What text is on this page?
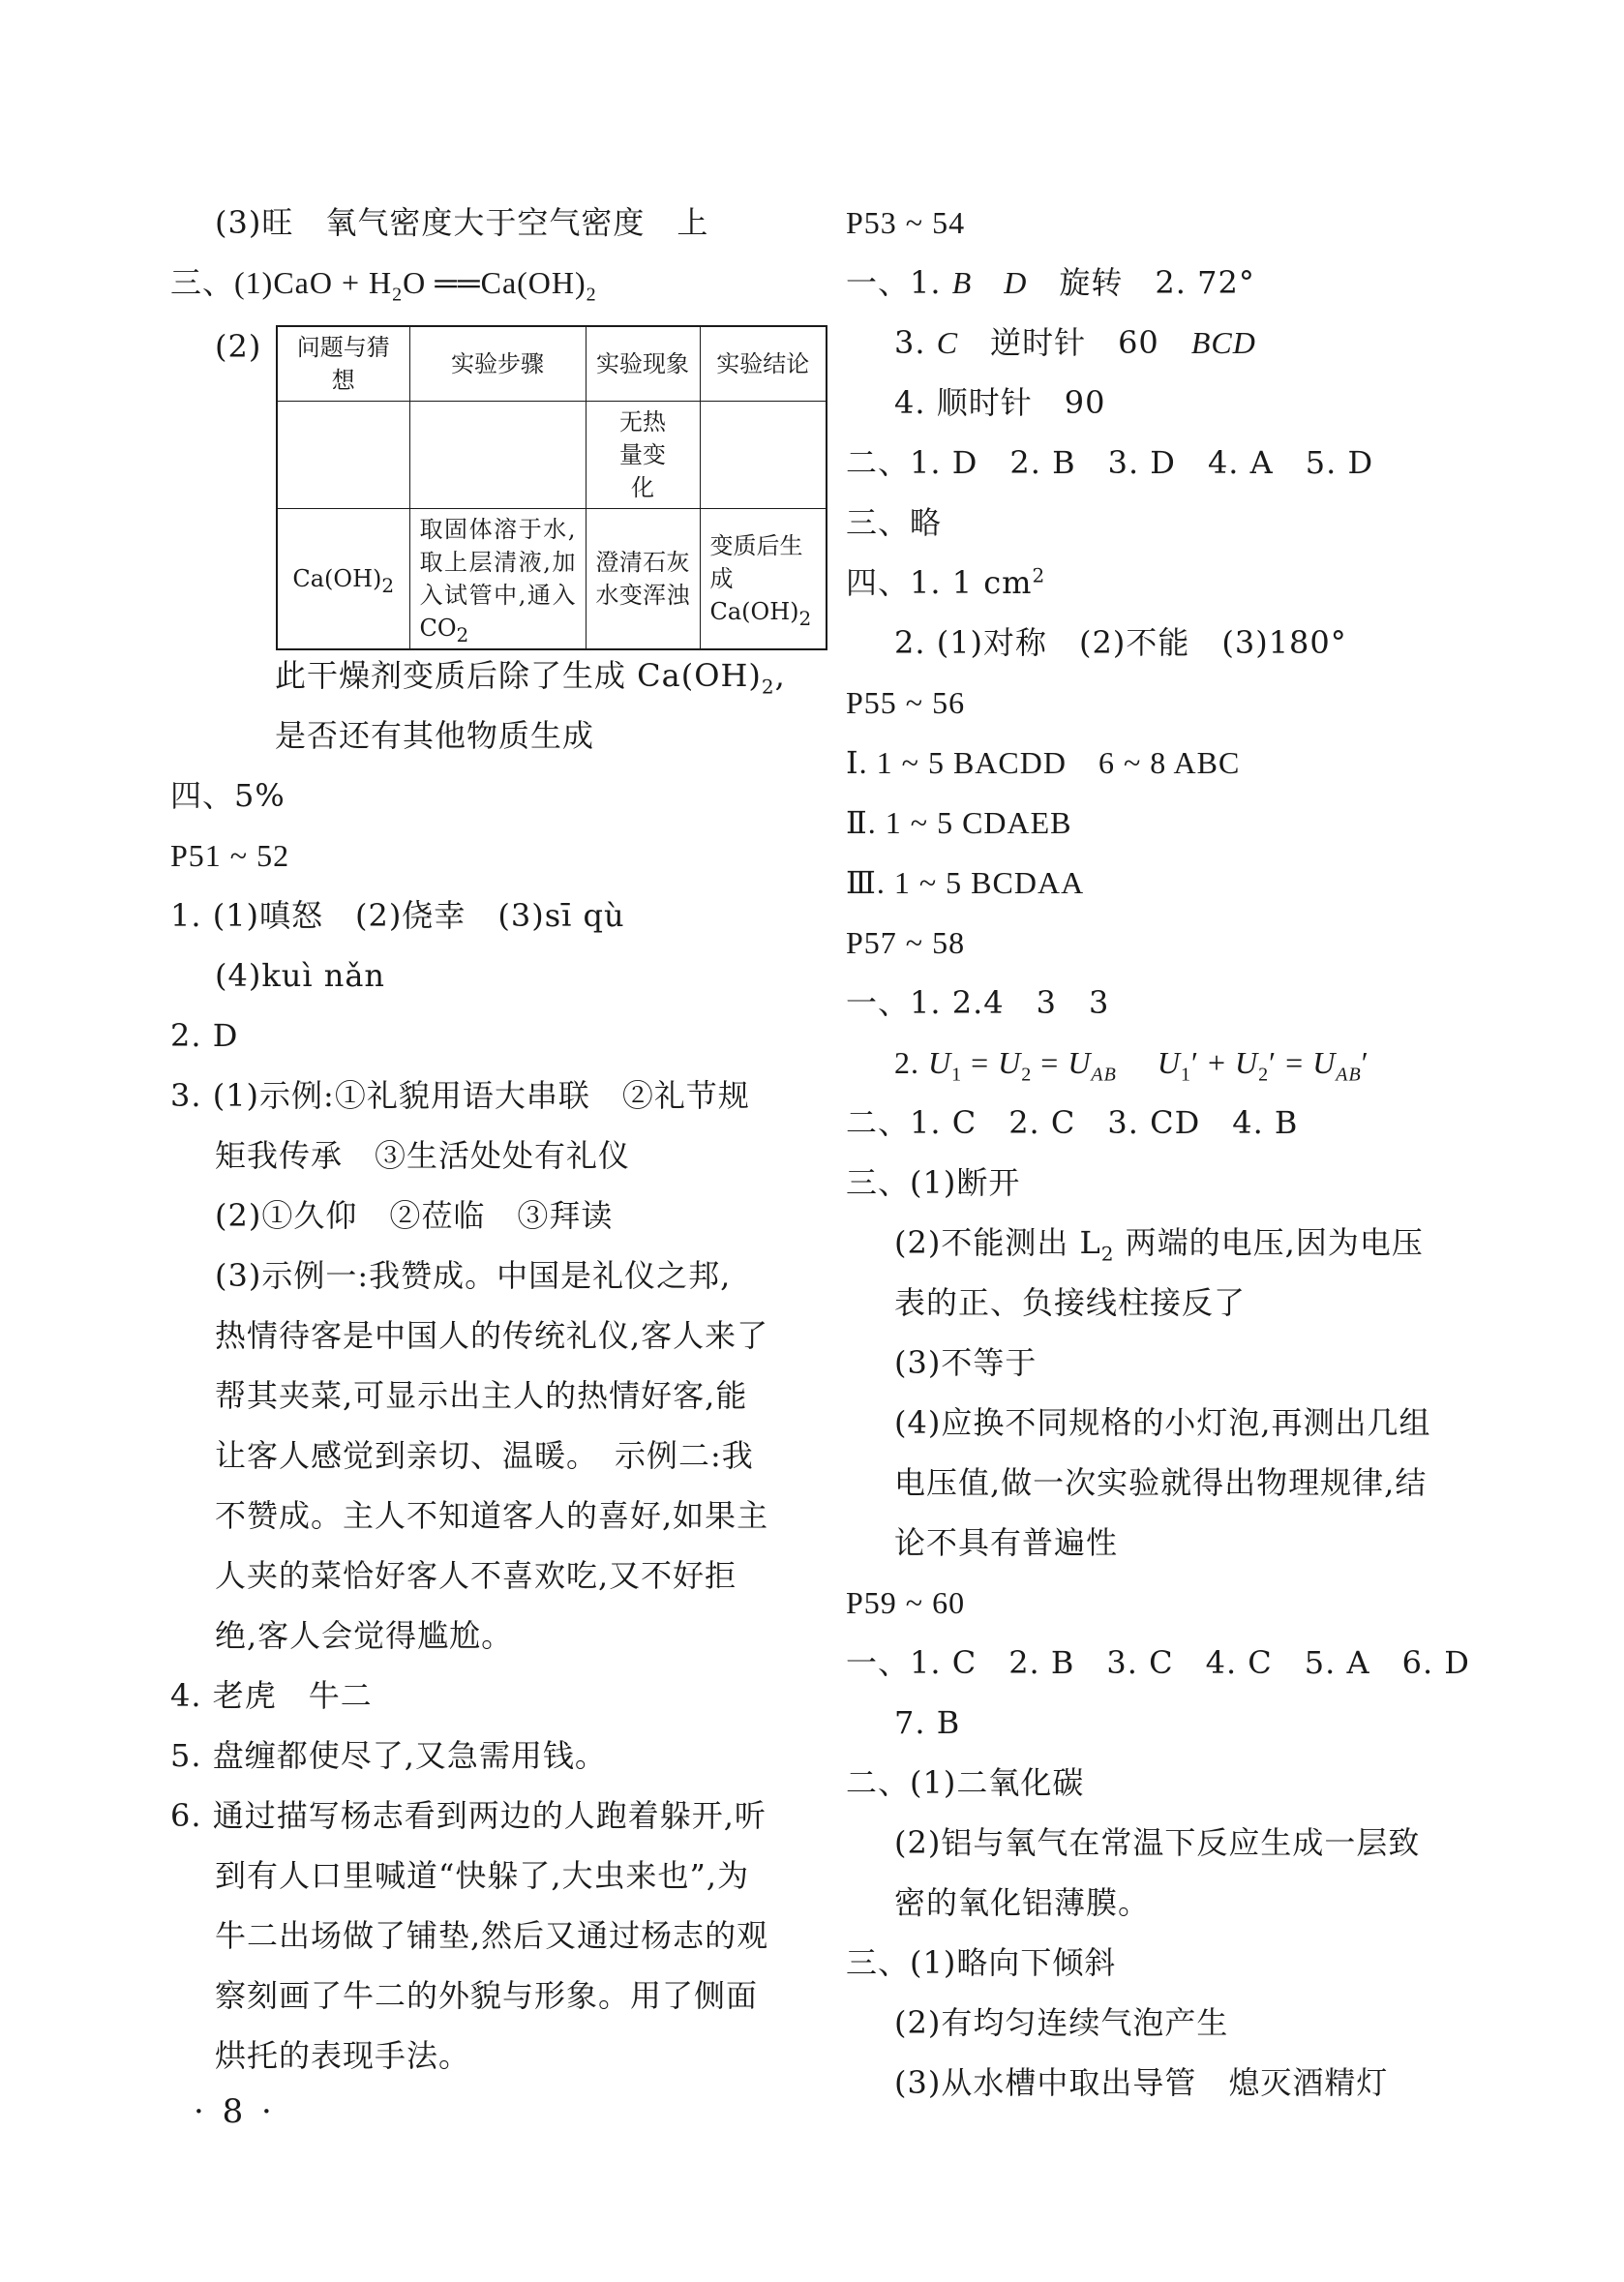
(3)旺　氧气密度大于空气密度　上
三、$(1)CaO + H_2O$ $══Ca(OH)_2$
(2) 问题与猜想	实验步骤	实验现象	实验结论
		无热量变化	
$Ca(OH)_2$	取固体溶于水,取上层清液,加入试管中,通入$CO_2$	澄清石灰水变浑浊	变质后生成$Ca(OH)_2$
此干燥剂变质后除了生成 $Ca(OH)_2$,
是否还有其他物质生成
四、5%
P51 ~ 52
1. (1)嗔怒　(2)侥幸　(3)sī qù
(4)kuì nǎn
2. D
3. (1)示例:①礼貌用语大串联　②礼节规
矩我传承　③生活处处有礼仪
(2)①久仰　②莅临　③拜读
(3)示例一:我赞成。中国是礼仪之邦,
热情待客是中国人的传统礼仪,客人来了
帮其夹菜,可显示出主人的热情好客,能
让客人感觉到亲切、温暖。　示例二:我
不赞成。主人不知道客人的喜好,如果主
人夹的菜恰好客人不喜欢吃,又不好拒
绝,客人会觉得尴尬。
4. 老虎　牛二
5. 盘缠都使尽了,又急需用钱。
6. 通过描写杨志看到两边的人跑着躲开,听
到有人口里喊道“快躲了,大虫来也”,为
牛二出场做了铺垫,然后又通过杨志的观
察刻画了牛二的外貌与形象。用了侧面
烘托的表现手法。
P53 ~ 54
一、1. B　 D　 旋转　2. 72°
3. C　 逆时针　60　 BCD
4. 顺时针　90
二、1. D　2. B　3. D　4. A　5. D
三、略
四、1. 1 $cm^2$
2. (1)对称　(2)不能　(3)180°
P55 ~ 56
Ⅰ. 1 ~ 5 BACDD　6 ~ 8 ABC
Ⅱ. 1 ~ 5 CDAEB
Ⅲ. 1 ~ 5 BCDAA
P57 ~ 58
一、1. 2.4　3　3
2. $U_1 = U_2 = U_{AB}$　 $U_1' + U_2' = U_{AB}'$
二、1. C　2. C　3. CD　4. B
三、(1)断开
(2)不能测出 $L_2$ 两端的电压,因为电压
表的正、负接线柱接反了
(3)不等于
(4)应换不同规格的小灯泡,再测出几组
电压值,做一次实验就得出物理规律,结
论不具有普遍性
P59 ~ 60
一、1. C　2. B　3. C　4. C　5. A　6. D
7. B
二、(1)二氧化碳
(2)铝与氧气在常温下反应生成一层致
密的氧化铝薄膜。
三、(1)略向下倾斜
(2)有均匀连续气泡产生
(3)从水槽中取出导管　熄灭酒精灯
· 8 ·
